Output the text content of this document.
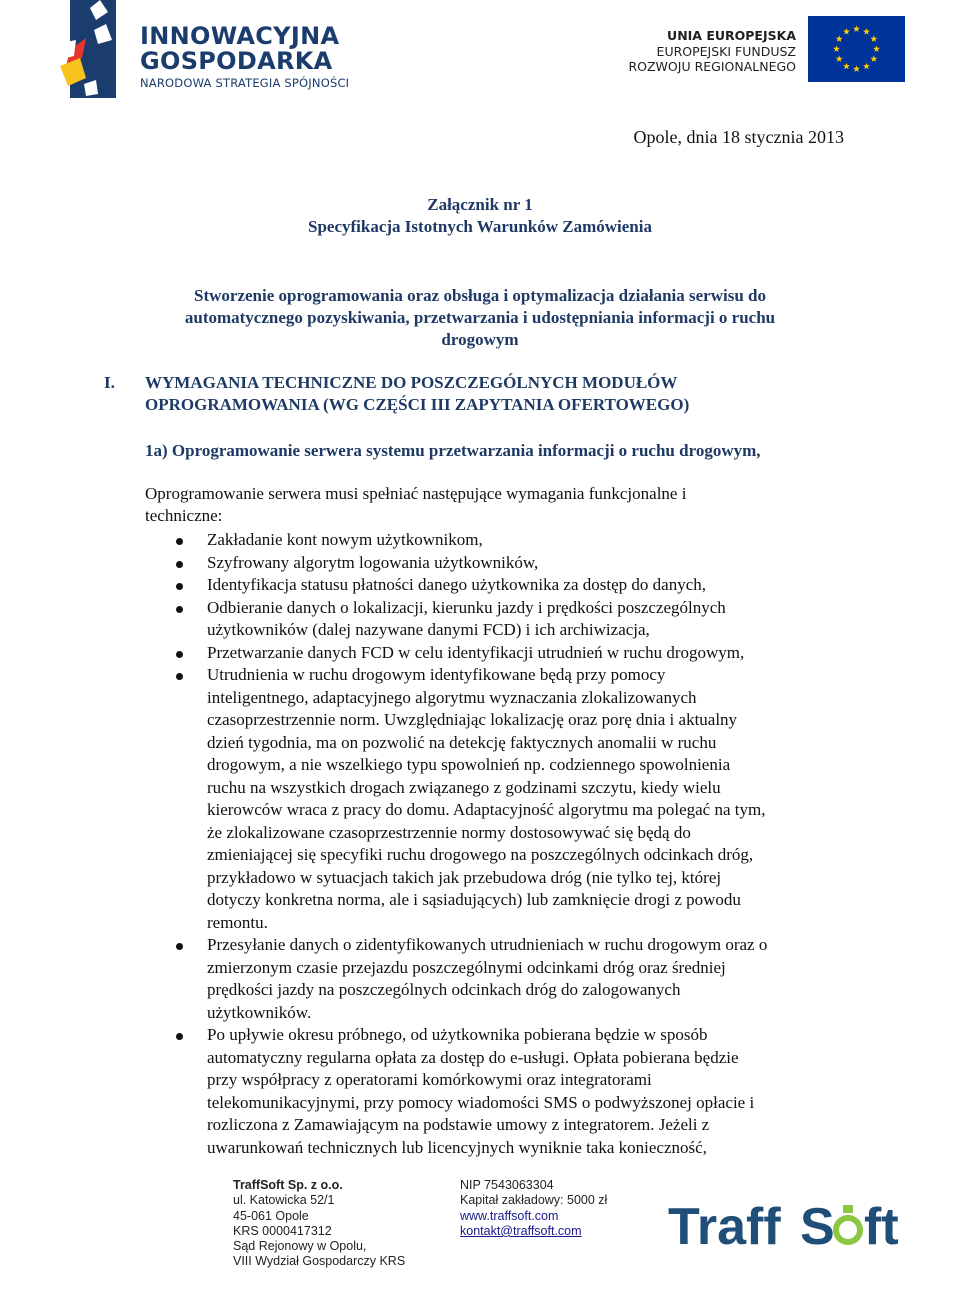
INNOWACYJNA
GOSPODARKA
NARODOWA STRATEGIA SPÓJNOŚCI
UNIA EUROPEJSKA
EUROPEJSKI FUNDUSZ
ROZWOJU REGIONALNEGO
Opole, dnia 18 stycznia 2013
Załącznik nr 1
Specyfikacja Istotnych Warunków Zamówienia
Stworzenie oprogramowania oraz obsługa i optymalizacja działania serwisu do
automatycznego pozyskiwania, przetwarzania i udostępniania informacji o ruchu
drogowym
I. WYMAGANIA TECHNICZNE DO POSZCZEGÓLNYCH MODUŁÓW
OPROGRAMOWANIA (WG CZĘŚCI III ZAPYTANIA OFERTOWEGO)
1a) Oprogramowanie serwera systemu przetwarzania informacji o ruchu drogowym,
Oprogramowanie serwera musi spełniać następujące wymagania funkcjonalne i
techniczne:
Zakładanie kont nowym użytkownikom,
Szyfrowany algorytm logowania użytkowników,
Identyfikacja statusu płatności danego użytkownika za dostęp do danych,
Odbieranie danych o lokalizacji, kierunku jazdy i prędkości poszczególnych
użytkowników (dalej nazywane danymi FCD) i ich archiwizacja,
Przetwarzanie danych FCD w celu identyfikacji utrudnień w ruchu drogowym,
Utrudnienia w ruchu drogowym identyfikowane będą przy pomocy
inteligentnego, adaptacyjnego algorytmu wyznaczania zlokalizowanych
czasoprzestrzennie norm. Uwzględniając lokalizację oraz porę dnia i aktualny
dzień tygodnia, ma on pozwolić na detekcję faktycznych anomalii w ruchu
drogowym, a nie wszelkiego typu spowolnień np. codziennego spowolnienia
ruchu na wszystkich drogach związanego z godzinami szczytu, kiedy wielu
kierowców wraca z pracy do domu. Adaptacyjność algorytmu ma polegać na tym,
że zlokalizowane czasoprzestrzennie normy dostosowywać się będą do
zmieniającej się specyfiki ruchu drogowego na poszczególnych odcinkach dróg,
przykładowo w sytuacjach takich jak przebudowa dróg (nie tylko tej, której
dotyczy konkretna norma, ale i sąsiadujących) lub zamknięcie drogi z powodu
remontu.
Przesyłanie danych o zidentyfikowanych utrudnieniach w ruchu drogowym oraz o
zmierzonym czasie przejazdu poszczególnymi odcinkami dróg oraz średniej
prędkości jazdy na poszczególnych odcinkach dróg do zalogowanych
użytkowników.
Po upływie okresu próbnego, od użytkownika pobierana będzie w sposób
automatyczny regularna opłata za dostęp do e-usługi. Opłata pobierana będzie
przy współpracy z operatorami komórkowymi oraz integratorami
telekomunikacyjnymi, przy pomocy wiadomości SMS o podwyższonej opłacie i
rozliczona z Zamawiającym na podstawie umowy z integratorem. Jeżeli z
uwarunkowań technicznych lub licencyjnych wyniknie taka konieczność,
TraffSoft Sp. z o.o.
ul. Katowicka 52/1
45-061 Opole
KRS 0000417312
Sąd Rejonowy w Opolu,
VIII Wydział Gospodarczy KRS
NIP 7543063304
Kapitał zakładowy: 5000 zł
www.traffsoft.com
kontakt@traffsoft.com	Traff S ft
